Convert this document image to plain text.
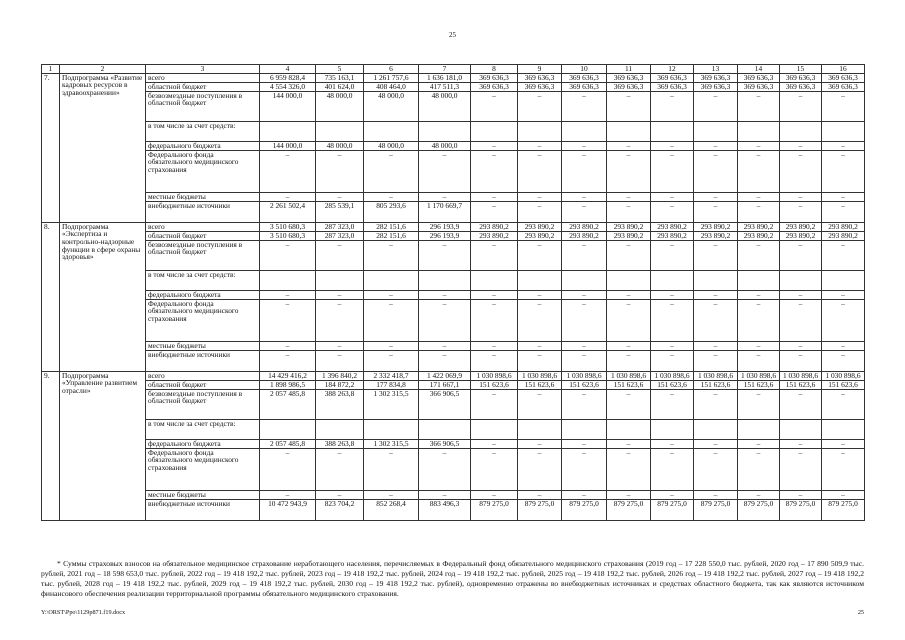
25
1	2	3	4	5	6	7	8	9	10	11	12	13	14	15	16
7.	Подпрограмма «Развитие кадровых ресурсов в здравоохранении»	всего	6 959 828,4	735 163,1	1 261 757,6	1 636 181,0	369 636,3	369 636,3	369 636,3	369 636,3	369 636,3	369 636,3	369 636,3	369 636,3	369 636,3
		областной бюджет	4 554 326,0	401 624,0	408 464,0	417 511,3	369 636,3	369 636,3	369 636,3	369 636,3	369 636,3	369 636,3	369 636,3	369 636,3	369 636,3
		безвозмездные поступления в областной бюджет	144 000,0	48 000,0	48 000,0	48 000,0	–	–	–	–	–	–	–	–	–
		в том числе за счет средств:													
		федерального бюджета	144 000,0	48 000,0	48 000,0	48 000,0	–	–	–	–	–	–	–	–	–
		Федерального фонда обязательного медицинского страхования	–	–	–	–	–	–	–	–	–	–	–	–	–
		местные бюджеты	–	–	–	–	–	–	–	–	–	–	–	–	–
		внебюджетные источники	2 261 502,4	285 539,1	805 293,6	1 170 669,7	–	–	–	–	–	–	–	–	–
8.	Подпрограмма «Экспертиза и контрольно-надзорные функции в сфере охраны здоровья»	всего	3 510 680,3	287 323,0	282 151,6	296 193,9	293 890,2	293 890,2	293 890,2	293 890,2	293 890,2	293 890,2	293 890,2	293 890,2	293 890,2
		областной бюджет	3 510 680,3	287 323,0	282 151,6	296 193,9	293 890,2	293 890,2	293 890,2	293 890,2	293 890,2	293 890,2	293 890,2	293 890,2	293 890,2
		безвозмездные поступления в областной бюджет	–	–	–	–	–	–	–	–	–	–	–	–	–
		в том числе за счет средств:													
		федерального бюджета	–	–	–	–	–	–	–	–	–	–	–	–	–
		Федерального фонда обязательного медицинского страхования	–	–	–	–	–	–	–	–	–	–	–	–	–
		местные бюджеты	–	–	–	–	–	–	–	–	–	–	–	–	–
		внебюджетные источники	–	–	–	–	–	–	–	–	–	–	–	–	–
9.	Подпрограмма «Управление развитием отрасли»	всего	14 429 416,2	1 396 840,2	2 332 418,7	1 422 069,9	1 030 898,6	1 030 898,6	1 030 898,6	1 030 898,6	1 030 898,6	1 030 898,6	1 030 898,6	1 030 898,6	1 030 898,6
		областной бюджет	1 898 986,5	184 872,2	177 834,8	171 667,1	151 623,6	151 623,6	151 623,6	151 623,6	151 623,6	151 623,6	151 623,6	151 623,6	151 623,6
		безвозмездные поступления в областной бюджет	2 057 485,8	388 263,8	1 302 315,5	366 906,5	–	–	–	–	–	–	–	–	–
		в том числе за счет средств:													
		федерального бюджета	2 057 485,8	388 263,8	1 302 315,5	366 906,5	–	–	–	–	–	–	–	–	–
		Федерального фонда обязательного медицинского страхования	–	–	–	–	–	–	–	–	–	–	–	–	–
		местные бюджеты	–	–	–	–	–	–	–	–	–	–	–	–	–
		внебюджетные источники	10 472 943,9	823 704,2	852 268,4	883 496,3	879 275,0	879 275,0	879 275,0	879 275,0	879 275,0	879 275,0	879 275,0	879 275,0	879 275,0
* Суммы страховых взносов на обязательное медицинское страхование неработающего населения, перечисляемых в Федеральный фонд обязательного медицинского страхования (2019 год – 17 228 550,0 тыс. рублей, 2020 год – 17 890 509,9 тыс. рублей, 2021 год – 18 598 653,0 тыс. рублей, 2022 год – 19 418 192,2 тыс. рублей, 2023 год – 19 418 192,2 тыс. рублей, 2024 год – 19 418 192,2 тыс. рублей, 2025 год – 19 418 192,2 тыс. рублей, 2026 год – 19 418 192,2 тыс. рублей, 2027 год – 19 418 192,2 тыс. рублей, 2028 год – 19 418 192,2 тыс. рублей, 2029 год – 19 418 192,2 тыс. рублей, 2030 год – 19 418 192,2 тыс. рублей), одновременно отражены во внебюджетных источниках и средствах областного бюджета, так как являются источником финансового обеспечения реализации территориальной программы обязательного медицинского страхования.
Y:\ORST\Ppo\1129p871.f19.docx	25
